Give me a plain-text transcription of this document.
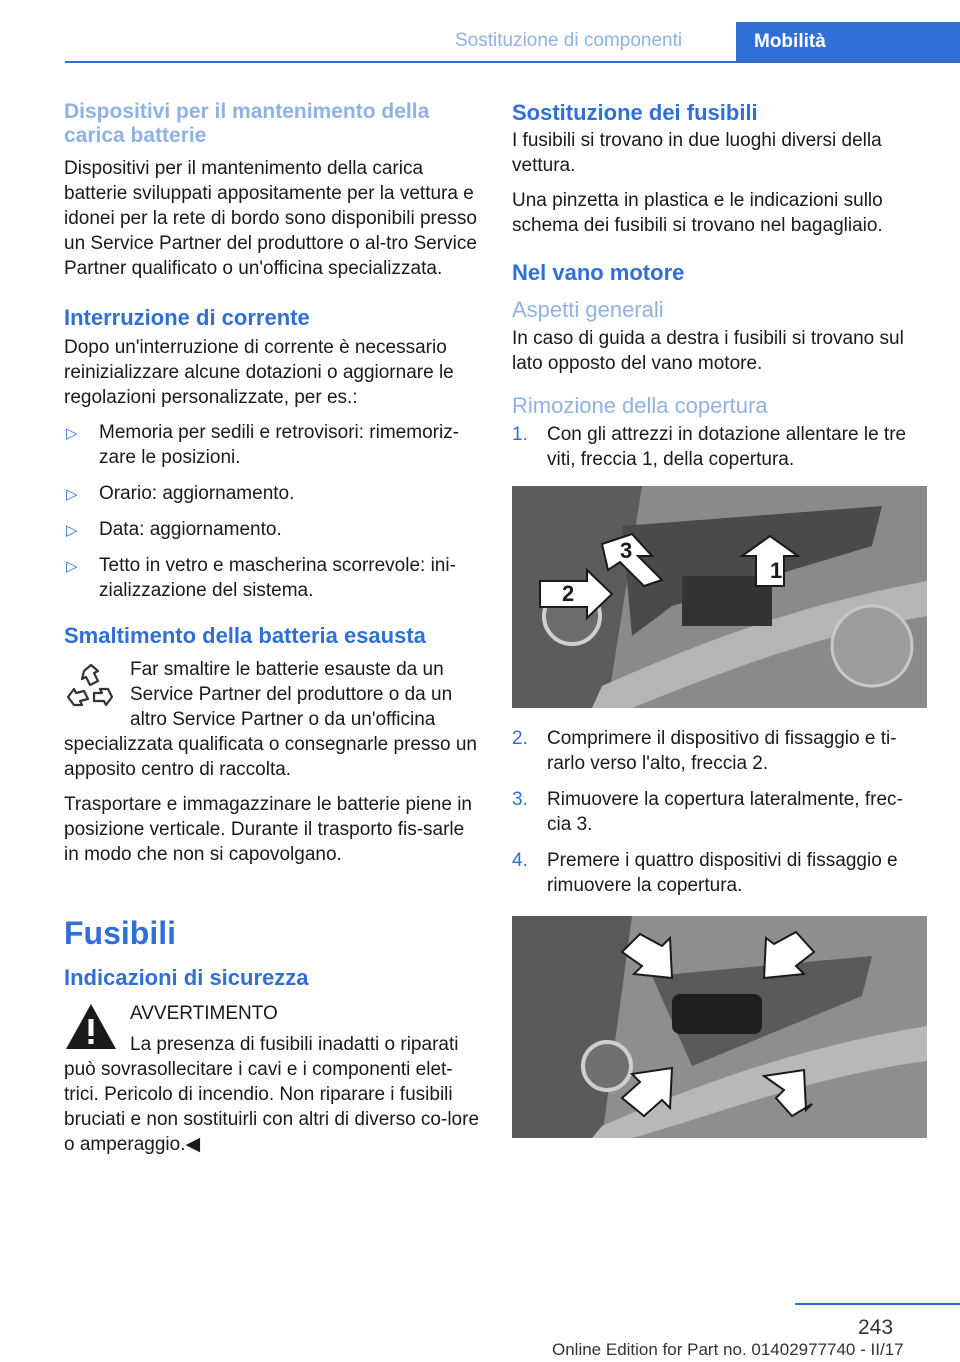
Sostituzione di componenti	Mobilità
Dispositivi per il mantenimento della carica batterie

Dispositivi per il mantenimento della carica batterie sviluppati appositamente per la vettura e idonei per la rete di bordo sono disponibili presso un Service Partner del produttore o al‐tro Service Partner qualificato o un'officina specializzata.

Interruzione di corrente

Dopo un'interruzione di corrente è necessario reinizializzare alcune dotazioni o aggiornare le regolazioni personalizzate, per es.:

▷ Memoria per sedili e retrovisori: rimemoriz‐zare le posizioni.
▷ Orario: aggiornamento.
▷ Data: aggiornamento.
▷ Tetto in vetro e mascherina scorrevole: ini‐zializzazione del sistema.
Smaltimento della batteria esausta
Far smaltire le batterie esauste da un Service Partner del produttore o da un altro Service Partner o da un'officina
specializzata qualificata o consegnarle presso un apposito centro di raccolta.

Trasportare e immagazzinare le batterie piene in posizione verticale. Durante il trasporto fis‐sarle in modo che non si capovolgano.

Fusibili
Indicazioni di sicurezza
AVVERTIMENTO
La presenza di fusibili inadatti o riparati
può sovrasollecitare i cavi e i componenti elet‐trici. Pericolo di incendio. Non riparare i fusibili bruciati e non sostituirli con altri di diverso co‐lore o amperaggio.◀
Sostituzione dei fusibili

I fusibili si trovano in due luoghi diversi della vettura.

Una pinzetta in plastica e le indicazioni sullo schema dei fusibili si trovano nel bagagliaio.

Nel vano motore
Aspetti generali

In caso di guida a destra i fusibili si trovano sul lato opposto del vano motore.

Rimozione della copertura
1. Con gli attrezzi in dotazione allentare le tre viti, freccia 1, della copertura.
1
2
3
2. Comprimere il dispositivo di fissaggio e ti‐rarlo verso l'alto, freccia 2.
3. Rimuovere la copertura lateralmente, frec‐cia 3.
4. Premere i quattro dispositivi di fissaggio e rimuovere la copertura.
243
Online Edition for Part no. 01402977740 - II/17
